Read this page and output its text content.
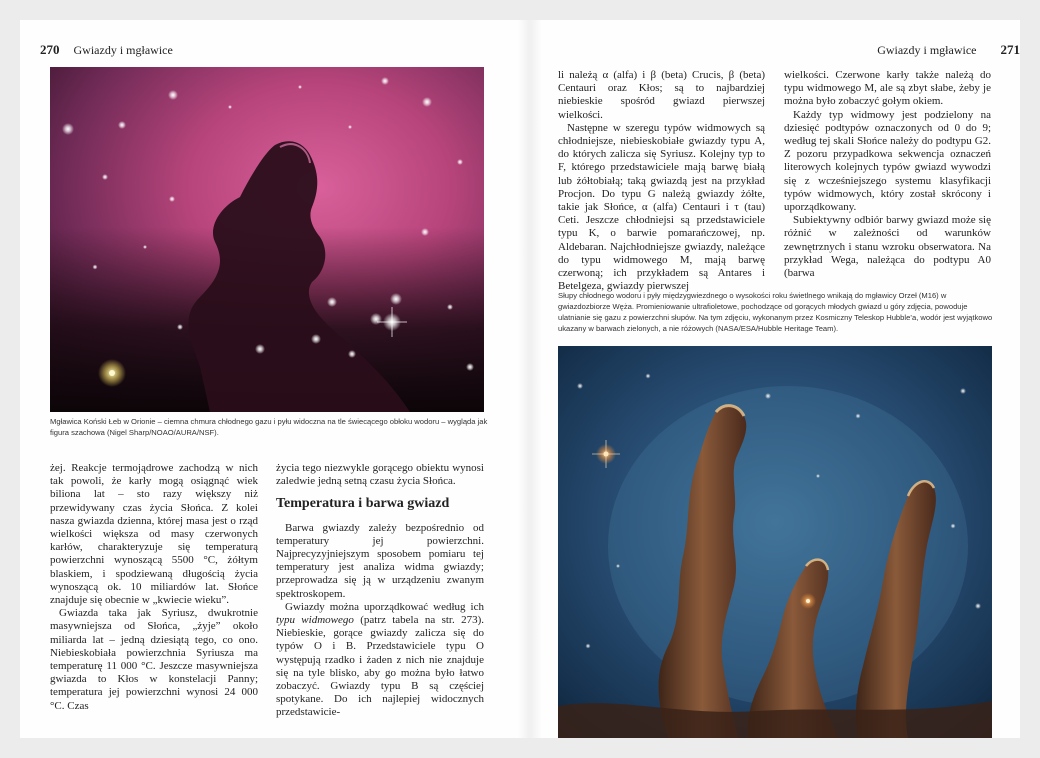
270 Gwiazdy i mgławice
Mgławica Koński Łeb w Orionie – ciemna chmura chłodnego gazu i pyłu widoczna na tle świecącego obłoku wodoru – wygląda jak figura szachowa (Nigel Sharp/NOAO/AURA/NSF).

żej. Reakcje termojądrowe zachodzą w nich tak powoli, że karły mogą osiągnąć wiek biliona lat – sto razy większy niż przewidywany czas życia Słońca. Z kolei nasza gwiazda dzienna, której masa jest o rząd wielkości większa od masy czerwonych karłów, charakteryzuje się temperaturą powierzchni wynoszącą 5500 °C, żółtym blaskiem, i spodziewaną długością życia wynoszącą ok. 10 miliardów lat. Słońce znajduje się obecnie w „kwiecie wieku”.

Gwiazda taka jak Syriusz, dwukrotnie masywniejsza od Słońca, „żyje” około miliarda lat – jedną dziesiątą tego, co ono. Niebieskobiała powierzchnia Syriusza ma temperaturę 11 000 °C. Jeszcze masywniejsza gwiazda to Kłos w konstelacji Panny; temperatura jej powierzchni wynosi 24 000 °C. Czas

życia tego niezwykle gorącego obiektu wynosi zaledwie jedną setną czasu życia Słońca.

Temperatura i barwa gwiazd

Barwa gwiazdy zależy bezpośrednio od temperatury jej powierzchni. Najprecyzyjniejszym sposobem pomiaru tej temperatury jest analiza widma gwiazdy; przeprowadza się ją w urządzeniu zwanym spektroskopem.

Gwiazdy można uporządkować według ich typu widmowego (patrz tabela na str. 273). Niebieskie, gorące gwiazdy zalicza się do typów O i B. Przedstawiciele typu O występują rzadko i żaden z nich nie znajduje się na tyle blisko, aby go można było łatwo zobaczyć. Gwiazdy typu B są częściej spotykane. Do ich najlepiej widocznych przedstawicie-

Gwiazdy i mgławice 271

li należą α (alfa) i β (beta) Crucis, β (beta) Centauri oraz Kłos; są to najbardziej niebieskie spośród gwiazd pierwszej wielkości.

Następne w szeregu typów widmowych są chłodniejsze, niebieskobiałe gwiazdy typu A, do których zalicza się Syriusz. Kolejny typ to F, którego przedstawiciele mają barwę białą lub żółtobiałą; taką gwiazdą jest na przykład Procjon. Do typu G należą gwiazdy żółte, takie jak Słońce, α (alfa) Centauri i τ (tau) Ceti. Jeszcze chłodniejsi są przedstawiciele typu K, o barwie pomarańczowej, np. Aldebaran. Najchłodniejsze gwiazdy, należące do typu widmowego M, mają barwę czerwoną; ich przykładem są Antares i Betelgeza, gwiazdy pierwszej

wielkości. Czerwone karły także należą do typu widmowego M, ale są zbyt słabe, żeby je można było zobaczyć gołym okiem.

Każdy typ widmowy jest podzielony na dziesięć podtypów oznaczonych od 0 do 9; według tej skali Słońce należy do podtypu G2. Z pozoru przypadkowa sekwencja oznaczeń literowych kolejnych typów gwiazd wywodzi się z wcześniejszego systemu klasyfikacji typów widmowych, który został skrócony i uporządkowany.

Subiektywny odbiór barwy gwiazd może się różnić w zależności od warunków zewnętrznych i stanu wzroku obserwatora. Na przykład Wega, należąca do podtypu A0 (barwa

Słupy chłodnego wodoru i pyły międzygwiezdnego o wysokości roku świetlnego wnikają do mgławicy Orzeł (M16) w gwiazdozbiorze Węża. Promieniowanie ultrafioletowe, pochodzące od gorących młodych gwiazd u góry zdjęcia, powoduje ulatnianie się gazu z powierzchni słupów. Na tym zdjęciu, wykonanym przez Kosmiczny Teleskop Hubble’a, wodór jest wyjątkowo ukazany w barwach zielonych, a nie różowych (NASA/ESA/Hubble Heritage Team).
